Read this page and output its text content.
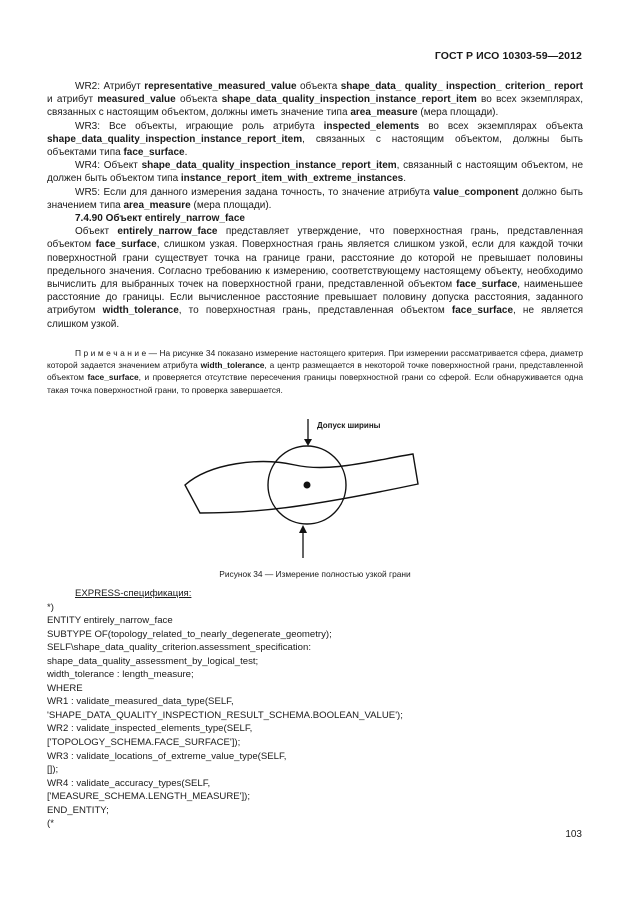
ГОСТ Р ИСО 10303-59—2012

WR2: Атрибут representative_measured_value объекта shape_data_ quality_ inspection_ criterion_ report и атрибут measured_value объекта shape_data_quality_inspection_instance_report_item во всех экземплярах, связанных с настоящим объектом, должны иметь значение типа area_measure (мера площади).

WR3: Все объекты, играющие роль атрибута inspected_elements во всех экземплярах объекта shape_data_quality_inspection_instance_report_item, связанных с настоящим объектом, должны быть объектами типа face_surface.

WR4: Объект shape_data_quality_inspection_instance_report_item, связанный с настоящим объектом, не должен быть объектом типа instance_report_item_with_extreme_instances.

WR5: Если для данного измерения задана точность, то значение атрибута value_component должно быть значением типа area_measure (мера площади).

7.4.90 Объект entirely_narrow_face

Объект entirely_narrow_face представляет утверждение, что поверхностная грань, представленная объектом face_surface, слишком узкая. Поверхностная грань является слишком узкой, если для каждой точки поверхностной грани существует точка на границе грани, расстояние до которой не превышает половины предельного значения. Согласно требованию к измерению, соответствующему настоящему объекту, необходимо вычислить для выбранных точек на поверхностной грани, представленной объектом face_surface, наименьшее расстояние до границы. Если вычисленное расстояние превышает половину допуска расстояния, заданного атрибутом width_tolerance, то поверхностная грань, представленная объектом face_surface, не является слишком узкой.

П р и м е ч а н и е — На рисунке 34 показано измерение настоящего критерия. При измерении рассматривается сфера, диаметр которой задается значением атрибута width_tolerance, а центр размещается в некоторой точке поверхностной грани, представленной объектом face_surface, и проверяется отсутствие пересечения границы поверхностной грани со сферой. Если обнаруживается одна такая точка поверхностной грани, то проверка завершается.

Допуск ширины
Рисунок 34 — Измерение полностью узкой грани
EXPRESS-спецификация:
*)
ENTITY entirely_narrow_face
SUBTYPE OF(topology_related_to_nearly_degenerate_geometry);
SELF\shape_data_quality_criterion.assessment_specification:
shape_data_quality_assessment_by_logical_test;
width_tolerance : length_measure;
WHERE
WR1 : validate_measured_data_type(SELF,
'SHAPE_DATA_QUALITY_INSPECTION_RESULT_SCHEMA.BOOLEAN_VALUE');
WR2 : validate_inspected_elements_type(SELF,
['TOPOLOGY_SCHEMA.FACE_SURFACE']);
WR3 : validate_locations_of_extreme_value_type(SELF,
[]);
WR4 : validate_accuracy_types(SELF,
['MEASURE_SCHEMA.LENGTH_MEASURE']);
END_ENTITY;
(*
103
